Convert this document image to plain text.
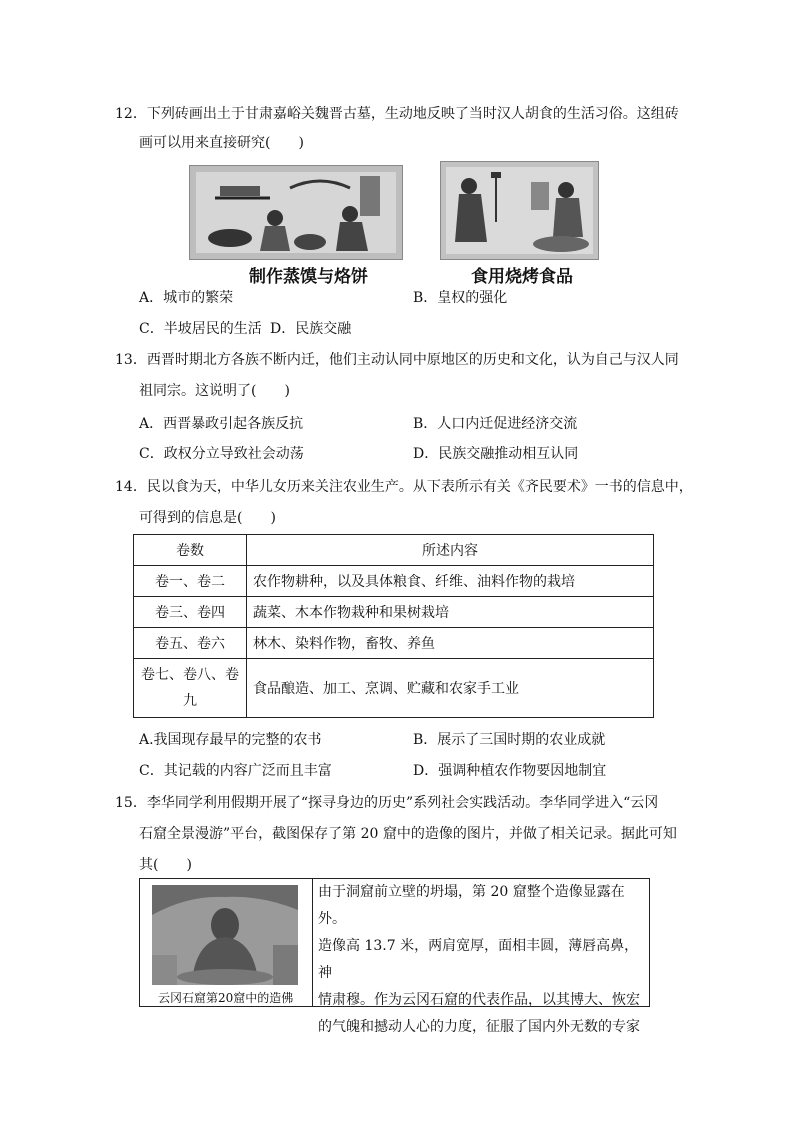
12．下列砖画出土于甘肃嘉峪关魏晋古墓，生动地反映了当时汉人胡食的生活习俗。这组砖
画可以用来直接研究(　　)
制作蒸馍与烙饼	食用烧烤食品
A．城市的繁荣	B．皇权的强化
C．半坡居民的生活 D．民族交融
13．西晋时期北方各族不断内迁，他们主动认同中原地区的历史和文化，认为自己与汉人同
祖同宗。这说明了(　　)
A．西晋暴政引起各族反抗	B．人口内迁促进经济交流
C．政权分立导致社会动荡	D．民族交融推动相互认同
14．民以食为天，中华儿女历来关注农业生产。从下表所示有关《齐民要术》一书的信息中，
可得到的信息是(　　)
卷数	所述内容
卷一、卷二	农作物耕种，以及具体粮食、纤维、油料作物的栽培
卷三、卷四	蔬菜、木本作物栽种和果树栽培
卷五、卷六	林木、染料作物，畜牧、养鱼
卷七、卷八、卷九	食品酿造、加工、烹调、贮藏和农家手工业
A.我国现存最早的完整的农书	B．展示了三国时期的农业成就
C．其记载的内容广泛而且丰富	D．强调种植农作物要因地制宜
15．李华同学利用假期开展了“探寻身边的历史”系列社会实践活动。李华同学进入“云冈
石窟全景漫游”平台，截图保存了第 20 窟中的造像的图片，并做了相关记录。据此可知
其(　　)
云冈石窟第20窟中的造佛
由于洞窟前立壁的坍塌，第 20 窟整个造像显露在外。
造像高 13.7 米，两肩宽厚，面相丰圆，薄唇高鼻，神
情肃穆。作为云冈石窟的代表作品，以其博大、恢宏
的气魄和撼动人心的力度，征服了国内外无数的专家
